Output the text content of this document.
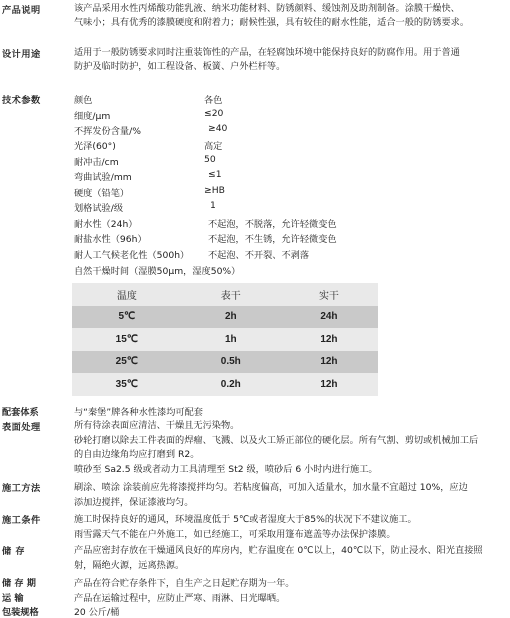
产品说明	该产品采用水性丙烯酸功能乳液、纳米功能材料、防锈颜料、缓蚀剂及助剂制备。涂膜干燥快、

气味小；具有优秀的漆膜硬度和附着力；耐候性强，具有较佳的耐水性能，适合一般的防锈要求。

设计用途	适用于一般防锈要求同时注重装饰性的产品，在轻腐蚀环境中能保持良好的防腐作用。用于普通

防护及临时防护，如工程设备、板簧、户外栏杆等。

技术参数	颜色	各色
细度/μm	≤20
不挥发份含量/%	≥40
光泽(60°)	高定
耐冲击/cm	50
弯曲试验/mm	≤1
硬度（铅笔）	≥HB
划格试验/级	1
耐水性（24h）	不起泡，不脱落，允许轻微变色
耐盐水性（96h）	不起泡，不生锈，允许轻微变色
耐人工气候老化性（500h） 不起泡、不开裂、不剥落
自然干燥时间（湿膜50μm，湿度50%）
温度	表干	实干
5℃	2h	24h
15℃	1h	12h
25℃	0.5h	12h
35℃	0.2h	12h
配套体系	与“秦堡”牌各种水性漆均可配套
表面处理	所有待涂表面应清洁、干燥且无污染物。

砂轮打磨以除去工件表面的焊瘤、飞溅、以及火工矫正部位的硬化层。所有气割、剪切或机械加工后

的自由边缘角均应打磨到 R2。

喷砂至 Sa2.5 级或者动力工具清理至 St2 级，喷砂后 6 小时内进行施工。

施工方法	刷涂、喷涂 涂装前应先将漆搅拌均匀。若粘度偏高，可加入适量水，加水量不宜超过 10%，应边

添加边搅拌，保证漆液均匀。

施工条件	施工时保持良好的通风，环境温度低于 5℃或者湿度大于85%的状况下不建议施工。

雨雪露天气不能在户外施工，如已经施工，可采取用篷布遮盖等办法保护漆膜。

储 存	产品应密封存放在干燥通风良好的库房内，贮存温度在 0℃以上，40℃以下，防止浸水、阳光直接照

射，隔绝火源，远离热源。

储 存 期	产品在符合贮存条件下，自生产之日起贮存期为一年。
运 输	产品在运输过程中，应防止严寒、雨淋、日光曝晒。
包装规格	20 公斤/桶
